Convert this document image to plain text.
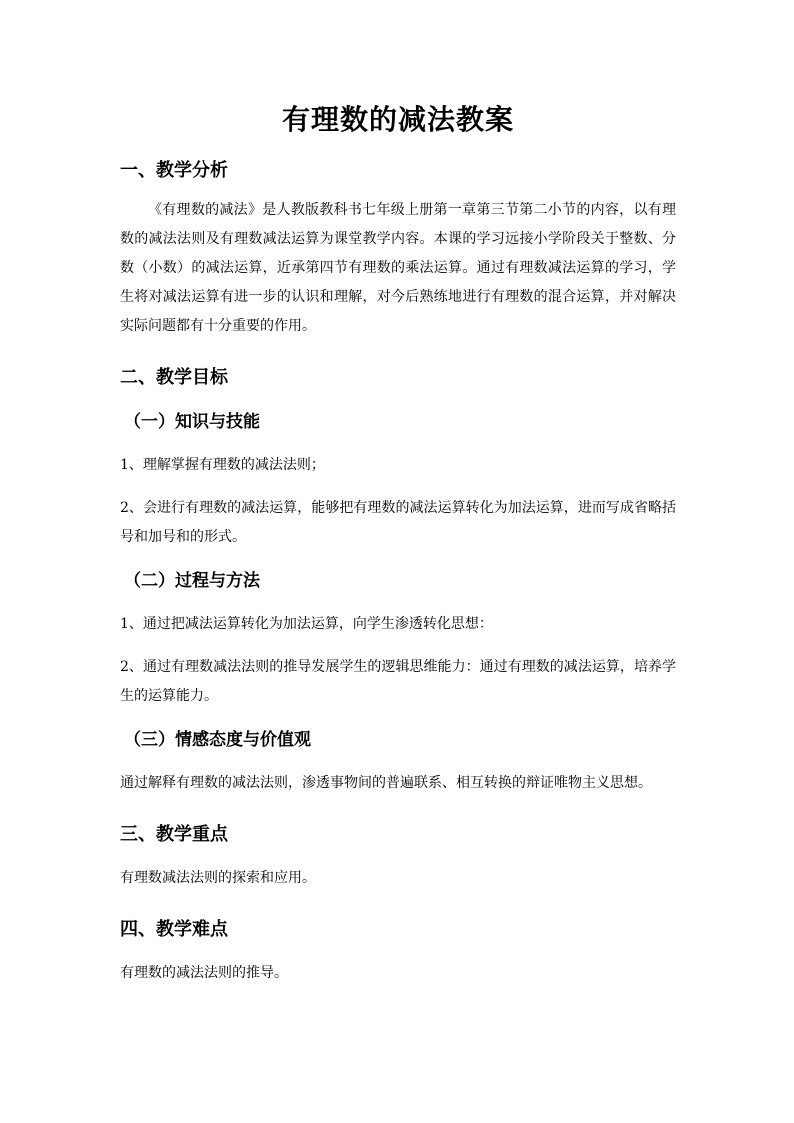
有理数的减法教案
一、教学分析

《有理数的减法》是人教版教科书七年级上册第一章第三节第二小节的内容，以有理数的减法法则及有理数减法运算为课堂教学内容。本课的学习远接小学阶段关于整数、分数（小数）的减法运算，近承第四节有理数的乘法运算。通过有理数减法运算的学习，学生将对减法运算有进一步的认识和理解，对今后熟练地进行有理数的混合运算，并对解决实际问题都有十分重要的作用。

二、教学目标
（一）知识与技能

1、理解掌握有理数的减法法则；

2、会进行有理数的减法运算，能够把有理数的减法运算转化为加法运算，进而写成省略括号和加号和的形式。

（二）过程与方法

1、通过把减法运算转化为加法运算，向学生渗透转化思想：

2、通过有理数减法法则的推导发展学生的逻辑思维能力：通过有理数的减法运算，培养学生的运算能力。

（三）情感态度与价值观

通过解释有理数的减法法则，渗透事物间的普遍联系、相互转换的辩证唯物主义思想。

三、教学重点

有理数减法法则的探索和应用。

四、教学难点

有理数的减法法则的推导。
